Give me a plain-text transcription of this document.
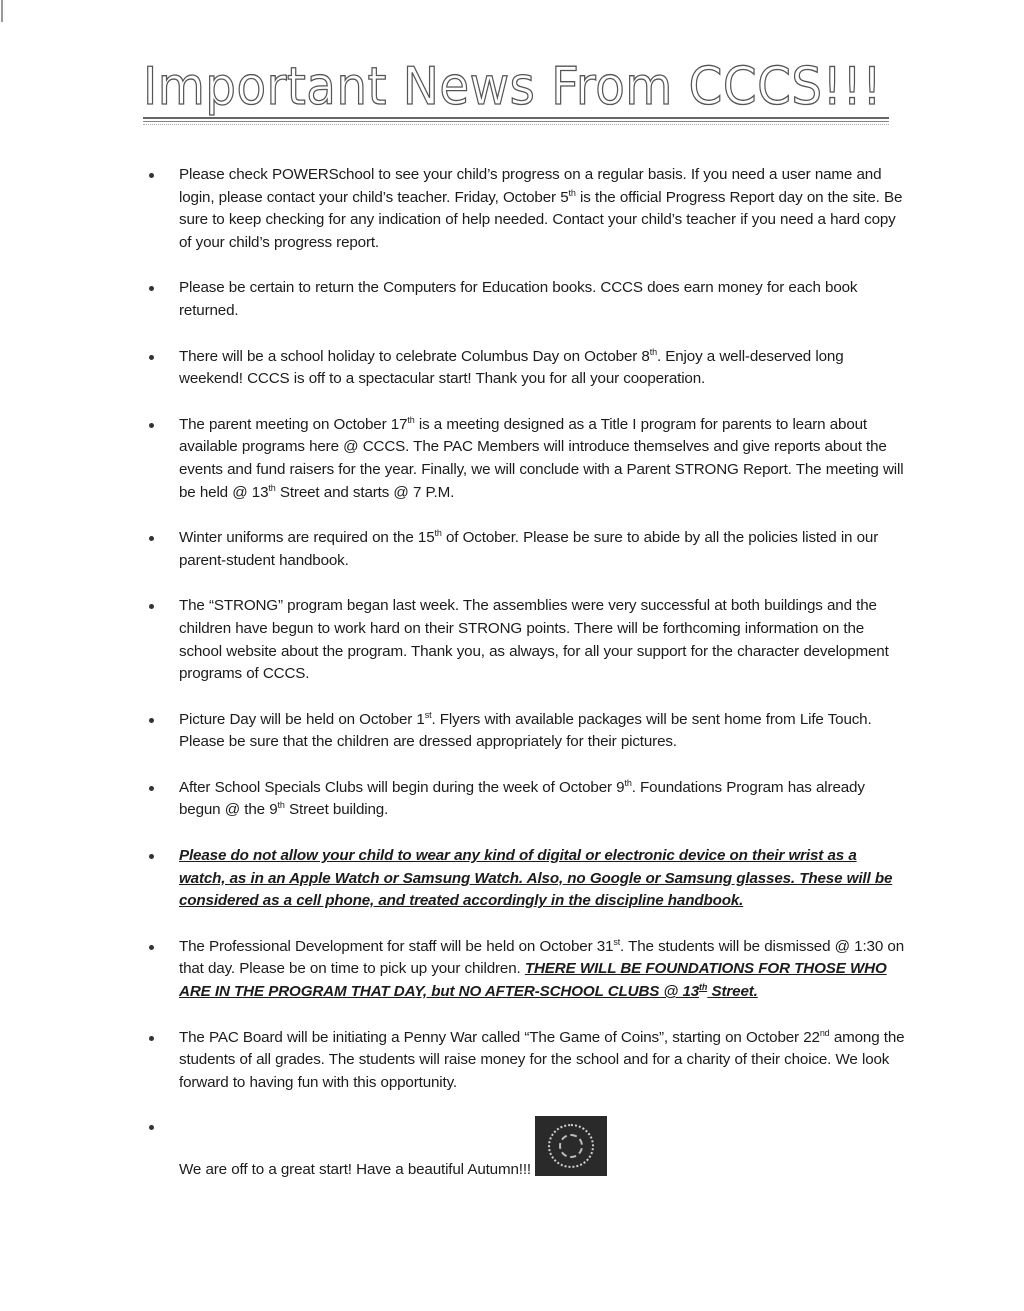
Important News From CCCS!!!
Please check POWERSchool to see your child’s progress on a regular basis. If you need a user name and login, please contact your child’s teacher. Friday, October 5th is the official Progress Report day on the site. Be sure to keep checking for any indication of help needed. Contact your child’s teacher if you need a hard copy of your child’s progress report.
Please be certain to return the Computers for Education books. CCCS does earn money for each book returned.
There will be a school holiday to celebrate Columbus Day on October 8th. Enjoy a well-deserved long weekend! CCCS is off to a spectacular start! Thank you for all your cooperation.
The parent meeting on October 17th is a meeting designed as a Title I program for parents to learn about available programs here @ CCCS. The PAC Members will introduce themselves and give reports about the events and fund raisers for the year. Finally, we will conclude with a Parent STRONG Report. The meeting will be held @ 13th Street and starts @ 7 P.M.
Winter uniforms are required on the 15th of October. Please be sure to abide by all the policies listed in our parent-student handbook.
The “STRONG” program began last week. The assemblies were very successful at both buildings and the children have begun to work hard on their STRONG points. There will be forthcoming information on the school website about the program. Thank you, as always, for all your support for the character development programs of CCCS.
Picture Day will be held on October 1st. Flyers with available packages will be sent home from Life Touch. Please be sure that the children are dressed appropriately for their pictures.
After School Specials Clubs will begin during the week of October 9th. Foundations Program has already begun @ the 9th Street building.
Please do not allow your child to wear any kind of digital or electronic device on their wrist as a watch, as in an Apple Watch or Samsung Watch. Also, no Google or Samsung glasses. These will be considered as a cell phone, and treated accordingly in the discipline handbook.
The Professional Development for staff will be held on October 31st. The students will be dismissed @ 1:30 on that day. Please be on time to pick up your children. THERE WILL BE FOUNDATIONS FOR THOSE WHO ARE IN THE PROGRAM THAT DAY, but NO AFTER-SCHOOL CLUBS @ 13th Street.
The PAC Board will be initiating a Penny War called “The Game of Coins”, starting on October 22nd among the students of all grades. The students will raise money for the school and for a charity of their choice. We look forward to having fun with this opportunity.
We are off to a great start! Have a beautiful Autumn!!!
